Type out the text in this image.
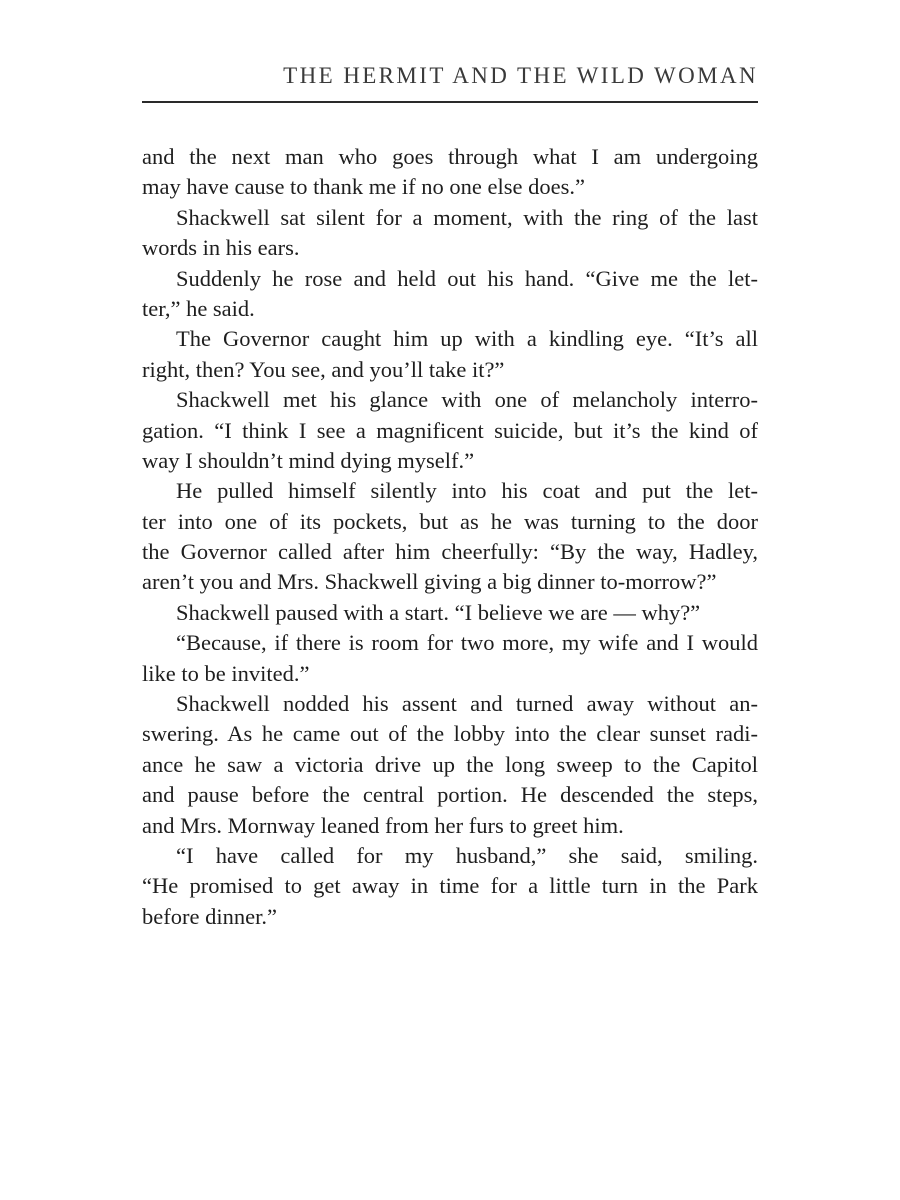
THE HERMIT AND THE WILD WOMAN
and the next man who goes through what I am undergoing
may have cause to thank me if no one else does.”
Shackwell sat silent for a moment, with the ring of the last
words in his ears.
Suddenly he rose and held out his hand. “Give me the let-
ter,” he said.
The Governor caught him up with a kindling eye. “It’s all
right, then? You see, and you’ll take it?”
Shackwell met his glance with one of melancholy interro-
gation. “I think I see a magnificent suicide, but it’s the kind of
way I shouldn’t mind dying myself.”
He pulled himself silently into his coat and put the let-
ter into one of its pockets, but as he was turning to the door
the Governor called after him cheerfully: “By the way, Hadley,
aren’t you and Mrs. Shackwell giving a big dinner to-morrow?”
Shackwell paused with a start. “I believe we are — why?”
“Because, if there is room for two more, my wife and I would
like to be invited.”
Shackwell nodded his assent and turned away without an-
swering. As he came out of the lobby into the clear sunset radi-
ance he saw a victoria drive up the long sweep to the Capitol
and pause before the central portion. He descended the steps,
and Mrs. Mornway leaned from her furs to greet him.
“I have called for my husband,” she said, smiling.
“He promised to get away in time for a little turn in the Park
before dinner.”
